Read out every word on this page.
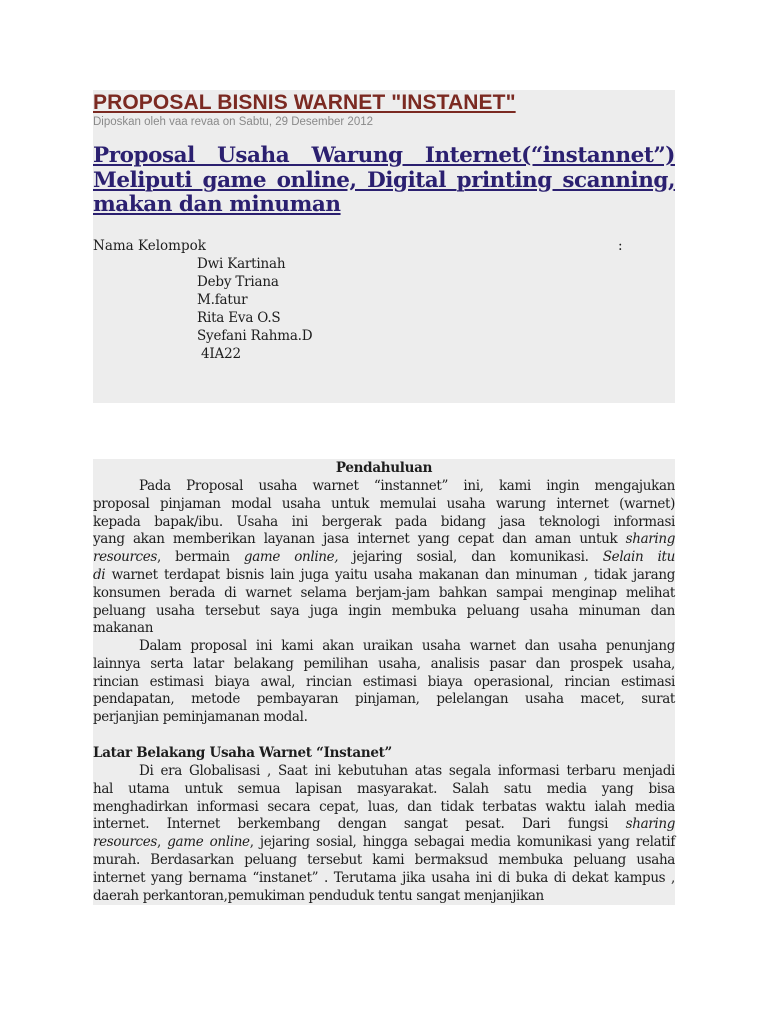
PROPOSAL BISNIS WARNET "INSTANET"
Diposkan oleh vaa revaa on Sabtu, 29 Desember 2012
Proposal Usaha Warung Internet(“instannet”) Meliputi game online, Digital printing scanning, makan dan minuman
Nama Kelompok	:
Dwi Kartinah
Deby Triana
M.fatur
Rita Eva O.S
Syefani Rahma.D
4IA22
Pendahuluan

Pada Proposal usaha warnet “instannet” ini, kami ingin mengajukan
proposal pinjaman modal usaha untuk memulai usaha warung internet (warnet)
kepada bapak/ibu. Usaha ini bergerak pada bidang jasa teknologi informasi
yang akan memberikan layanan jasa internet yang cepat dan aman untuk sharing
resources, bermain game online, jejaring sosial, dan komunikasi. Selain itu
di warnet terdapat bisnis lain juga yaitu usaha makanan dan minuman , tidak jarang
konsumen berada di warnet selama berjam-jam bahkan sampai menginap melihat
peluang usaha tersebut saya juga ingin membuka peluang usaha minuman dan
makanan

Dalam proposal ini kami akan uraikan usaha warnet dan usaha penunjang
lainnya serta latar belakang pemilihan usaha, analisis pasar dan prospek usaha,
rincian estimasi biaya awal, rincian estimasi biaya operasional, rincian estimasi
pendapatan, metode pembayaran pinjaman, pelelangan usaha macet, surat
perjanjian peminjamanan modal.

Latar Belakang Usaha Warnet “Instanet”

Di era Globalisasi , Saat ini kebutuhan atas segala informasi terbaru menjadi
hal utama untuk semua lapisan masyarakat. Salah satu media yang bisa
menghadirkan informasi secara cepat, luas, dan tidak terbatas waktu ialah media
internet. Internet berkembang dengan sangat pesat. Dari fungsi sharing
resources, game online, jejaring sosial, hingga sebagai media komunikasi yang relatif
murah. Berdasarkan peluang tersebut kami bermaksud membuka peluang usaha
internet yang bernama “instanet” . Terutama jika usaha ini di buka di dekat kampus ,
daerah perkantoran,pemukiman penduduk tentu sangat menjanjikan
